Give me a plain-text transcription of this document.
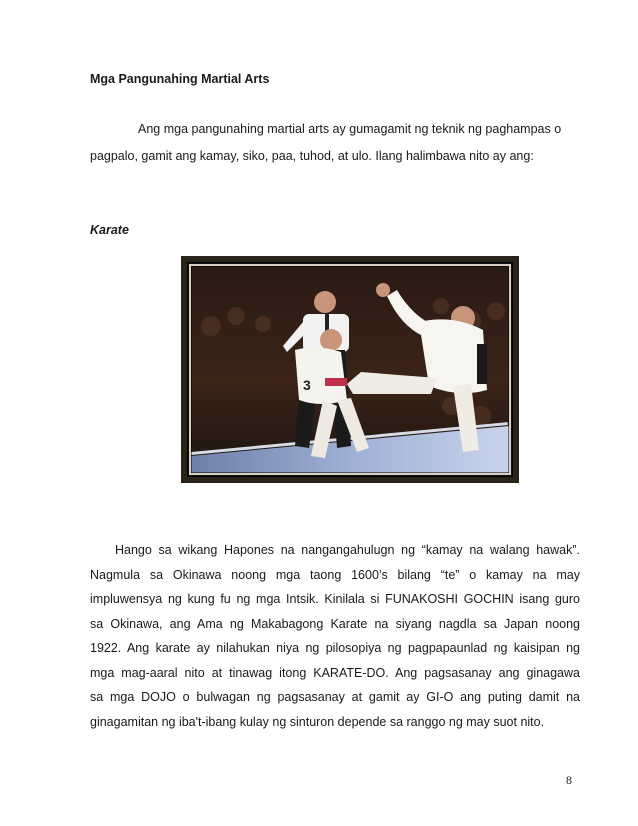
Mga Pangunahing Martial Arts

Ang mga pangunahing martial arts ay gumagamit ng teknik ng paghampas o
pagpalo, gamit ang kamay, siko, paa, tuhod, at ulo. Ilang halimbawa nito ay ang:

Karate

3

Hango sa wikang Hapones na nangangahulugn ng “kamay na walang hawak”.
Nagmula sa Okinawa noong mga taong 1600’s bilang “te” o kamay na may
impluwensya ng kung fu ng mga Intsik. Kinilala si FUNAKOSHI GOCHIN isang guro
sa Okinawa, ang Ama ng Makabagong Karate na siyang nagdla sa Japan noong
1922. Ang karate ay nilahukan niya ng pilosopiya ng pagpapaunlad ng kaisipan ng
mga mag-aaral nito at tinawag itong KARATE-DO. Ang pagsasanay ang ginagawa
sa mga DOJO o bulwagan ng pagsasanay at gamit ay GI-O ang puting damit na
ginagamitan ng iba't-ibang kulay ng sinturon depende sa ranggo ng may suot nito.

8
